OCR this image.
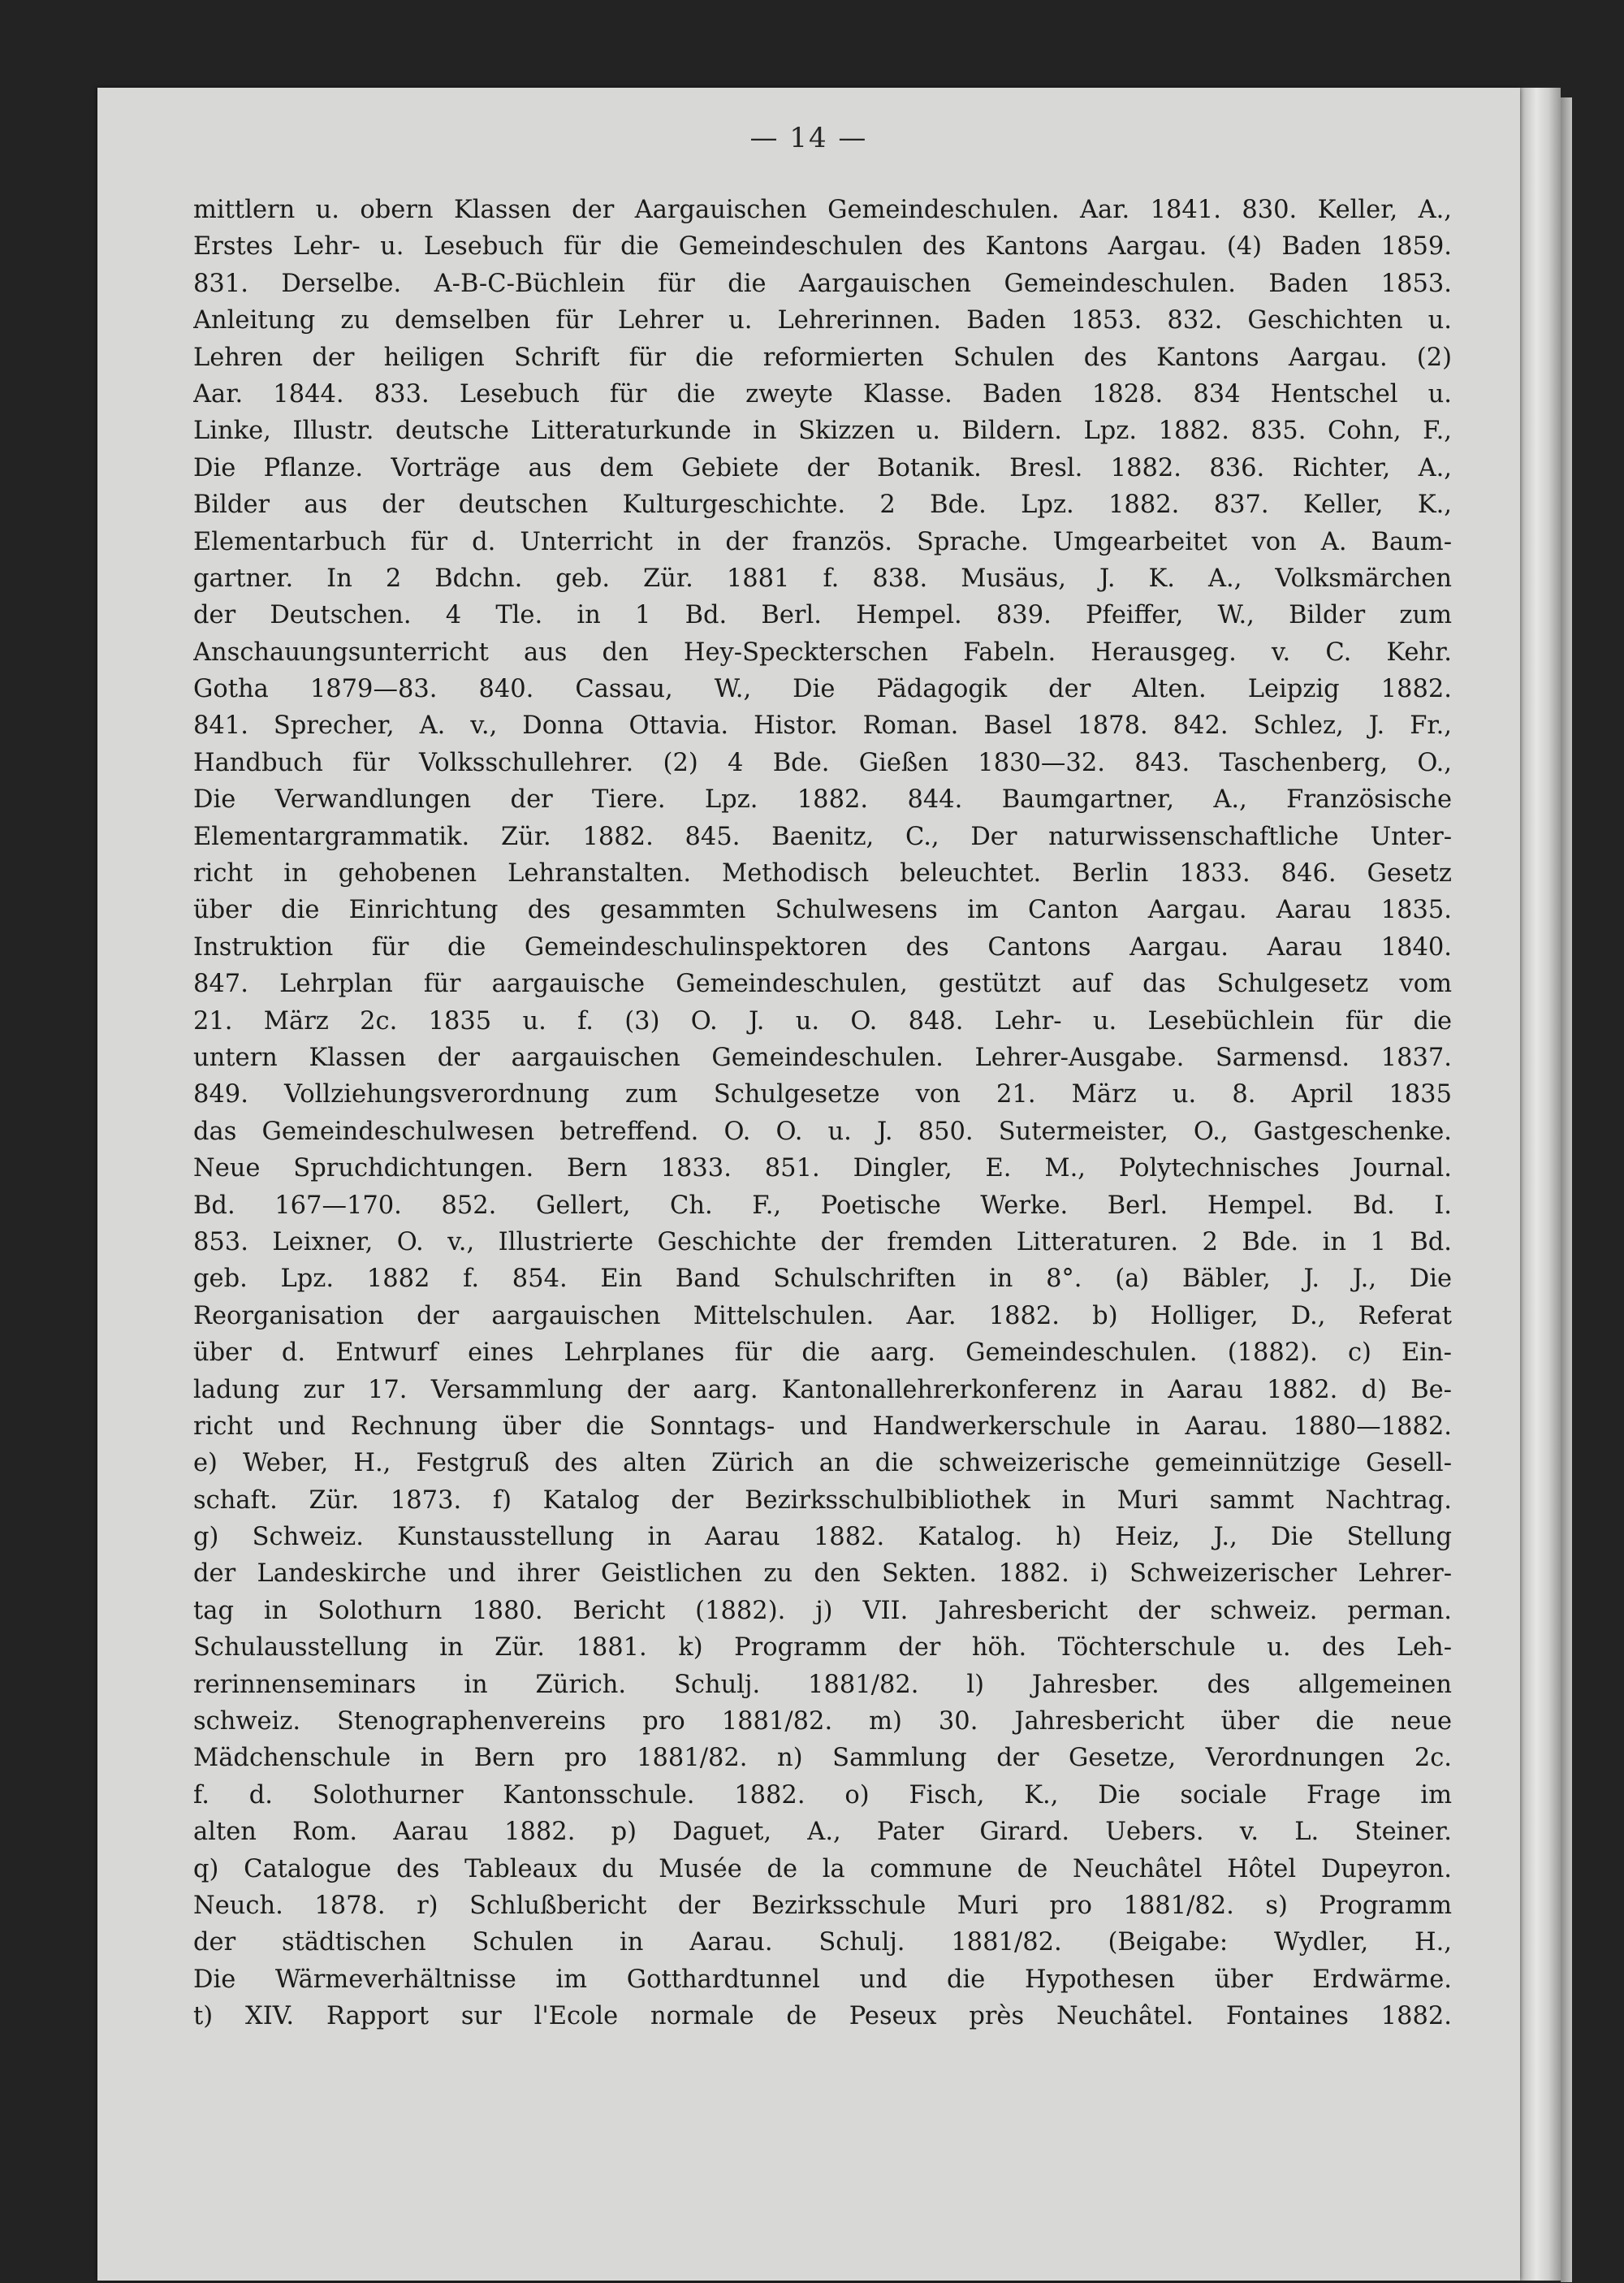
— 14 —

mittlern u. obern Klassen der Aargauischen Gemeindeschulen. Aar. 1841. 830. Keller, A.,
Erstes Lehr- u. Lesebuch für die Gemeindeschulen des Kantons Aargau. (4) Baden 1859.
831. Derselbe. A-B-C-Büchlein für die Aargauischen Gemeindeschulen. Baden 1853.
Anleitung zu demselben für Lehrer u. Lehrerinnen. Baden 1853. 832. Geschichten u.
Lehren der heiligen Schrift für die reformierten Schulen des Kantons Aargau. (2)
Aar. 1844. 833. Lesebuch für die zweyte Klasse. Baden 1828. 834 Hentschel u.
Linke, Illustr. deutsche Litteraturkunde in Skizzen u. Bildern. Lpz. 1882. 835. Cohn, F.,
Die Pflanze. Vorträge aus dem Gebiete der Botanik. Bresl. 1882. 836. Richter, A.,
Bilder aus der deutschen Kulturgeschichte. 2 Bde. Lpz. 1882. 837. Keller, K.,
Elementarbuch für d. Unterricht in der französ. Sprache. Umgearbeitet von A. Baum-
gartner. In 2 Bdchn. geb. Zür. 1881 f. 838. Musäus, J. K. A., Volksmärchen
der Deutschen. 4 Tle. in 1 Bd. Berl. Hempel. 839. Pfeiffer, W., Bilder zum
Anschauungsunterricht aus den Hey-Speckterschen Fabeln. Herausgeg. v. C. Kehr.
Gotha 1879—83. 840. Cassau, W., Die Pädagogik der Alten. Leipzig 1882.
841. Sprecher, A. v., Donna Ottavia. Histor. Roman. Basel 1878. 842. Schlez, J. Fr.,
Handbuch für Volksschullehrer. (2) 4 Bde. Gießen 1830—32. 843. Taschenberg, O.,
Die Verwandlungen der Tiere. Lpz. 1882. 844. Baumgartner, A., Französische
Elementargrammatik. Zür. 1882. 845. Baenitz, C., Der naturwissenschaftliche Unter-
richt in gehobenen Lehranstalten. Methodisch beleuchtet. Berlin 1833. 846. Gesetz
über die Einrichtung des gesammten Schulwesens im Canton Aargau. Aarau 1835.
Instruktion für die Gemeindeschulinspektoren des Cantons Aargau. Aarau 1840.
847. Lehrplan für aargauische Gemeindeschulen, gestützt auf das Schulgesetz vom
21. März 2c. 1835 u. f. (3) O. J. u. O. 848. Lehr- u. Lesebüchlein für die
untern Klassen der aargauischen Gemeindeschulen. Lehrer-Ausgabe. Sarmensd. 1837.
849. Vollziehungsverordnung zum Schulgesetze von 21. März u. 8. April 1835
das Gemeindeschulwesen betreffend. O. O. u. J. 850. Sutermeister, O., Gastgeschenke.
Neue Spruchdichtungen. Bern 1833. 851. Dingler, E. M., Polytechnisches Journal.
Bd. 167—170. 852. Gellert, Ch. F., Poetische Werke. Berl. Hempel. Bd. I.
853. Leixner, O. v., Illustrierte Geschichte der fremden Litteraturen. 2 Bde. in 1 Bd.
geb. Lpz. 1882 f. 854. Ein Band Schulschriften in 8°. (a) Bäbler, J. J., Die
Reorganisation der aargauischen Mittelschulen. Aar. 1882. b) Holliger, D., Referat
über d. Entwurf eines Lehrplanes für die aarg. Gemeindeschulen. (1882). c) Ein-
ladung zur 17. Versammlung der aarg. Kantonallehrerkonferenz in Aarau 1882. d) Be-
richt und Rechnung über die Sonntags- und Handwerkerschule in Aarau. 1880—1882.
e) Weber, H., Festgruß des alten Zürich an die schweizerische gemeinnützige Gesell-
schaft. Zür. 1873. f) Katalog der Bezirksschulbibliothek in Muri sammt Nachtrag.
g) Schweiz. Kunstausstellung in Aarau 1882. Katalog. h) Heiz, J., Die Stellung
der Landeskirche und ihrer Geistlichen zu den Sekten. 1882. i) Schweizerischer Lehrer-
tag in Solothurn 1880. Bericht (1882). j) VII. Jahresbericht der schweiz. perman.
Schulausstellung in Zür. 1881. k) Programm der höh. Töchterschule u. des Leh-
rerinnenseminars in Zürich. Schulj. 1881/82. l) Jahresber. des allgemeinen
schweiz. Stenographenvereins pro 1881/82. m) 30. Jahresbericht über die neue
Mädchenschule in Bern pro 1881/82. n) Sammlung der Gesetze, Verordnungen 2c.
f. d. Solothurner Kantonsschule. 1882. o) Fisch, K., Die sociale Frage im
alten Rom. Aarau 1882. p) Daguet, A., Pater Girard. Uebers. v. L. Steiner.
q) Catalogue des Tableaux du Musée de la commune de Neuchâtel Hôtel Dupeyron.
Neuch. 1878. r) Schlußbericht der Bezirksschule Muri pro 1881/82. s) Programm
der städtischen Schulen in Aarau. Schulj. 1881/82. (Beigabe: Wydler, H.,
Die Wärmeverhältnisse im Gotthardtunnel und die Hypothesen über Erdwärme.
t) XIV. Rapport sur l'Ecole normale de Peseux près Neuchâtel. Fontaines 1882.
